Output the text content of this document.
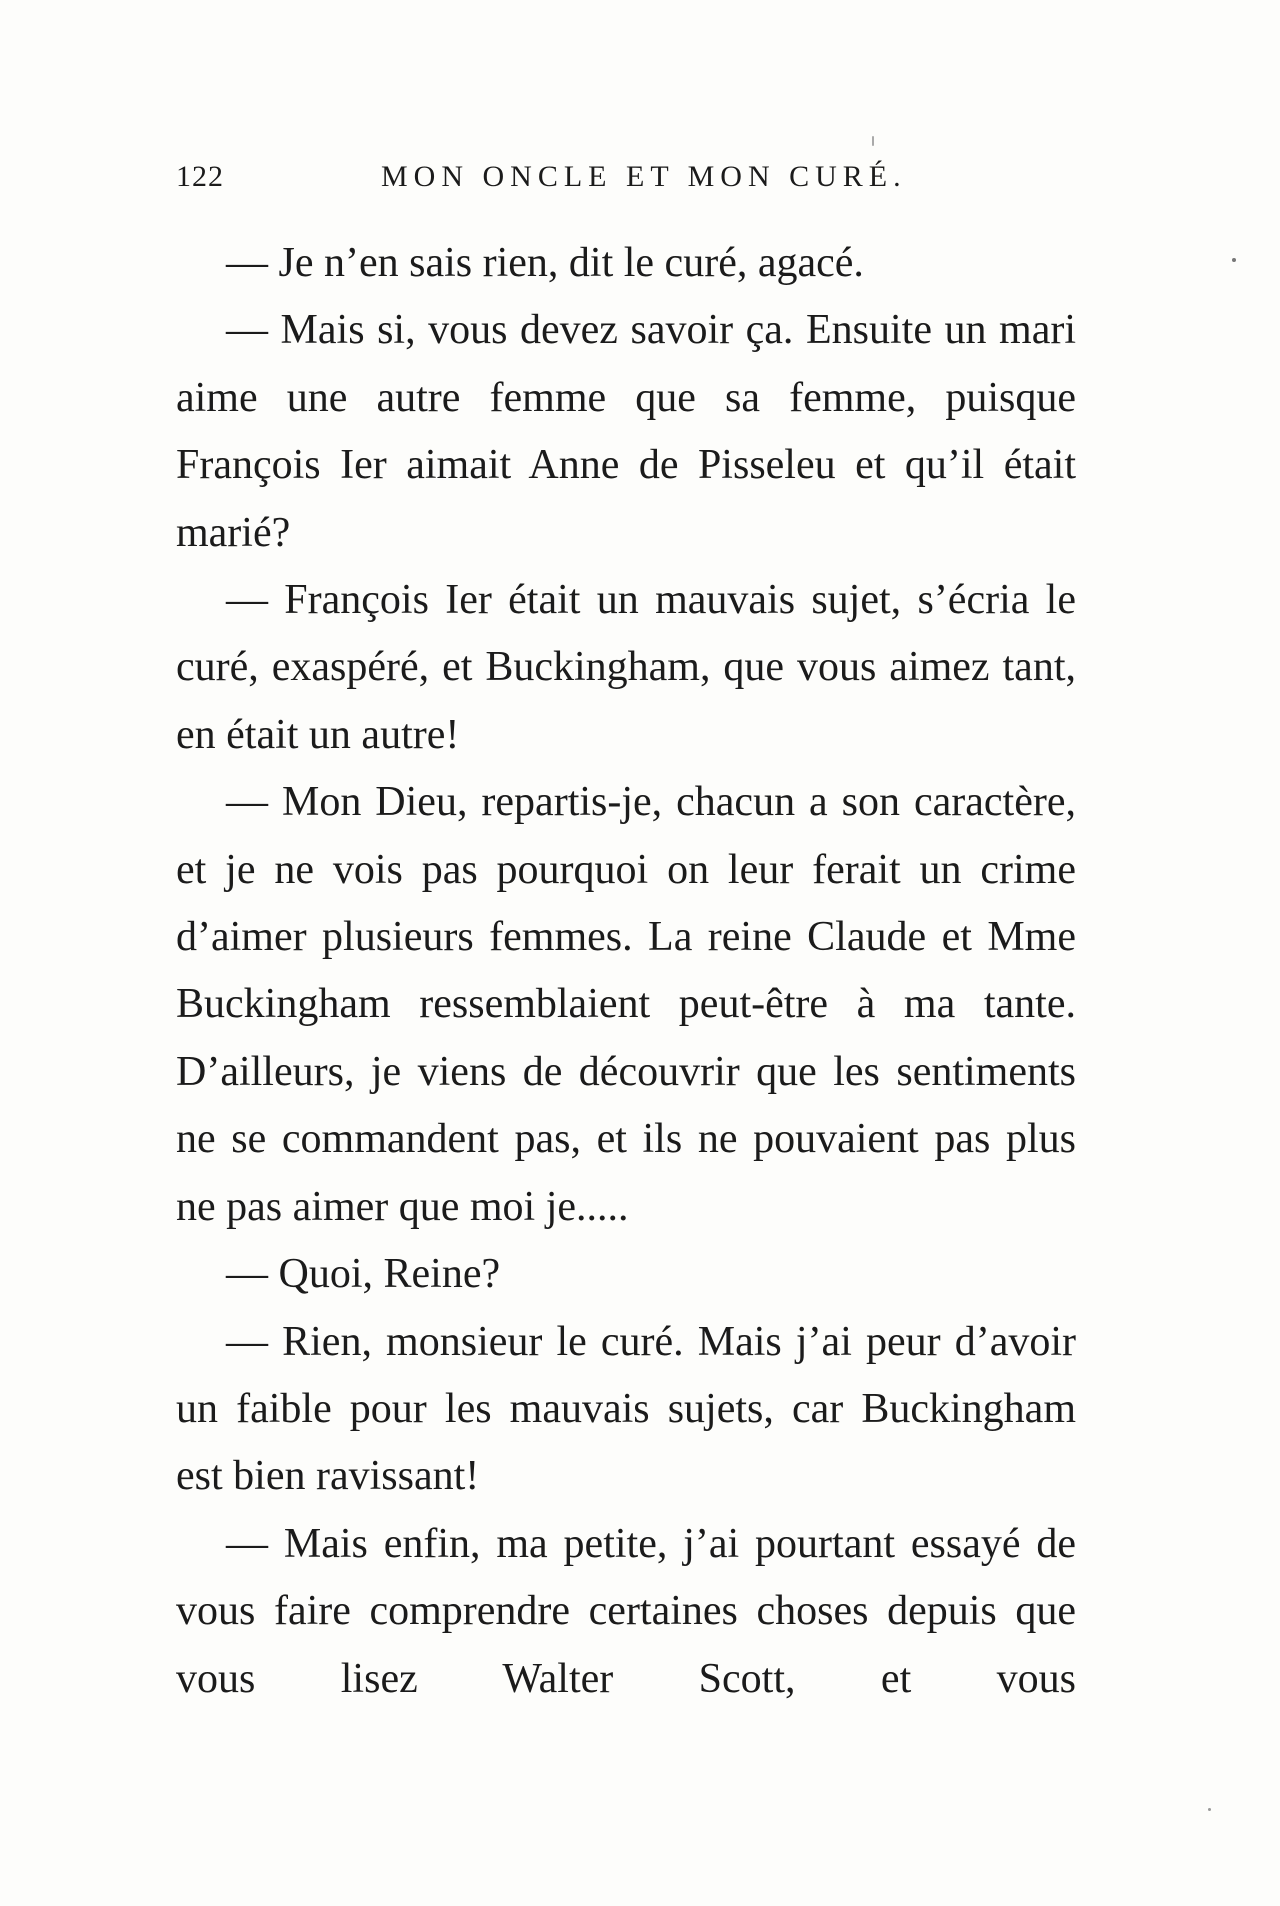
122	MON ONCLE ET MON CURÉ.

— Je n’en sais rien, dit le curé, agacé.

— Mais si, vous devez savoir ça. Ensuite un mari aime une autre femme que sa femme, puisque François Ier aimait Anne de Pisseleu et qu’il était marié?

— François Ier était un mauvais sujet, s’écria le curé, exaspéré, et Buckingham, que vous aimez tant, en était un autre!

— Mon Dieu, repartis-je, chacun a son caractère, et je ne vois pas pourquoi on leur ferait un crime d’aimer plusieurs femmes. La reine Claude et Mme Buckingham ressemblaient peut-être à ma tante. D’ailleurs, je viens de découvrir que les sentiments ne se commandent pas, et ils ne pouvaient pas plus ne pas aimer que moi je.....

— Quoi, Reine?

— Rien, monsieur le curé. Mais j’ai peur d’avoir un faible pour les mauvais sujets, car Buckingham est bien ravissant!

— Mais enfin, ma petite, j’ai pourtant essayé de vous faire comprendre certaines choses depuis que vous lisez Walter Scott, et vous
